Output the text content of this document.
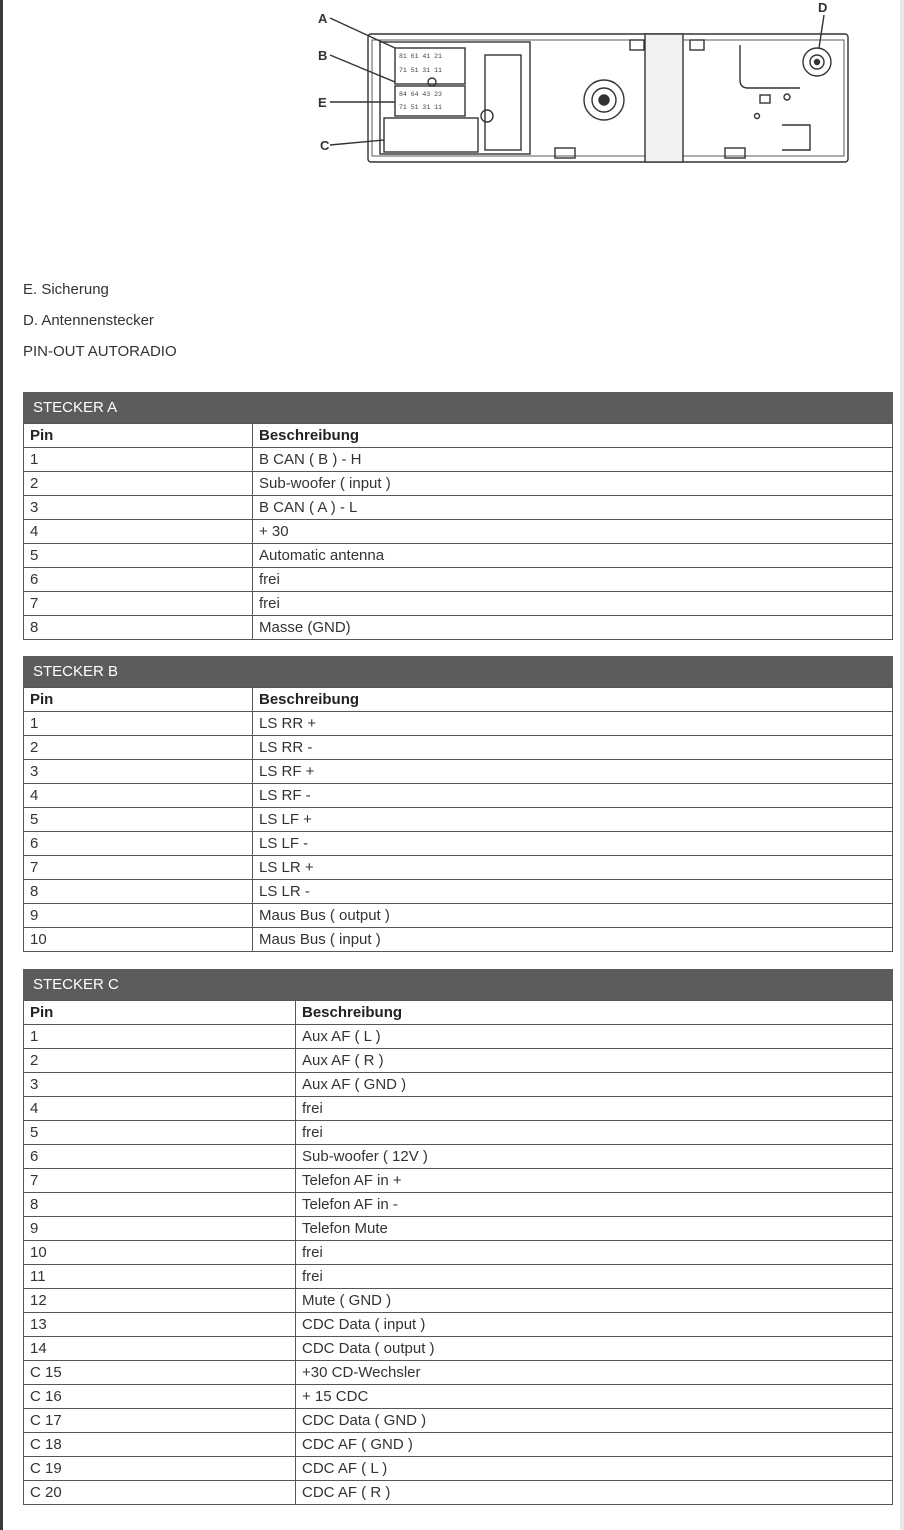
A
B
E
C
D
81 61 41 21
71 51 31 11
84 64 43 23
71 51 31 11
E. Sicherung
D. Antennenstecker
PIN-OUT AUTORADIO
STECKER A
Pin	Beschreibung
1	B CAN ( B ) - H
2	Sub-woofer ( input )
3	B CAN ( A ) - L
4	+ 30
5	Automatic antenna
6	frei
7	frei
8	Masse (GND)
STECKER B
Pin	Beschreibung
1	LS RR +
2	LS RR -
3	LS RF +
4	LS RF -
5	LS LF +
6	LS LF -
7	LS LR +
8	LS LR -
9	Maus Bus ( output )
10	Maus Bus ( input )
STECKER C
Pin	Beschreibung
1	Aux AF ( L )
2	Aux AF ( R )
3	Aux AF ( GND )
4	frei
5	frei
6	Sub-woofer ( 12V )
7	Telefon AF in +
8	Telefon AF in -
9	Telefon Mute
10	frei
11	frei
12	Mute ( GND )
13	CDC Data ( input )
14	CDC Data ( output )
C 15	+30 CD-Wechsler
C 16	+ 15 CDC
C 17	CDC Data ( GND )
C 18	CDC AF ( GND )
C 19	CDC AF ( L )
C 20	CDC AF ( R )
